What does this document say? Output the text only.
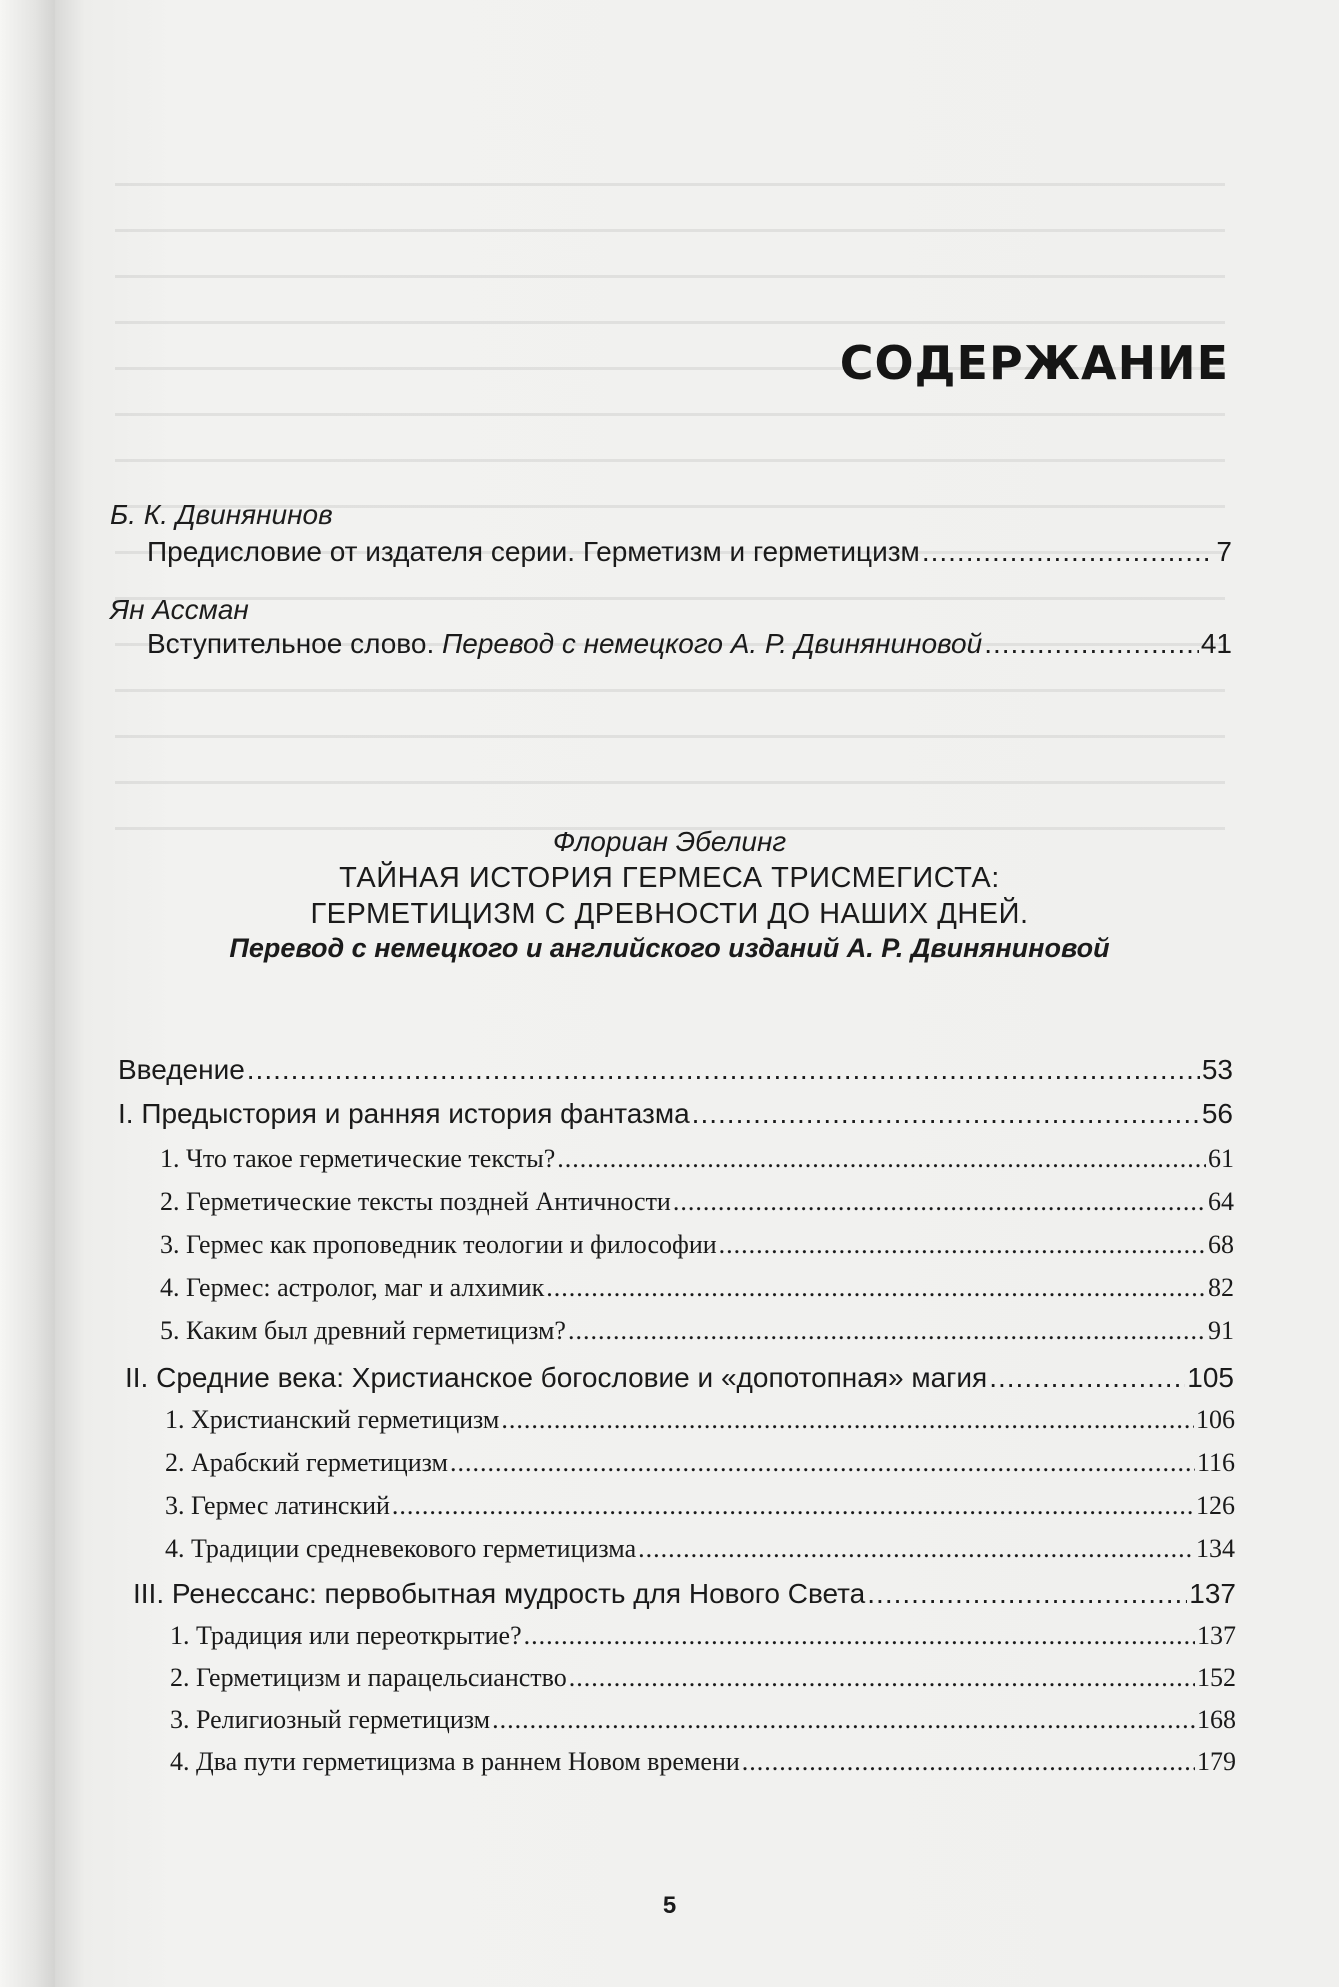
СОДЕРЖАНИЕ
Б. К. Двинянинов
Предисловие от издателя серии. Герметизм и герметицизм .....	7
Ян Ассман
Вступительное слово. Перевод с немецкого А. Р. Двиняниновой .....	41
Флориан Эбелинг
ТАЙНАЯ ИСТОРИЯ ГЕРМЕСА ТРИСМЕГИСТА:
ГЕРМЕТИЦИЗМ С ДРЕВНОСТИ ДО НАШИХ ДНЕЙ.
Перевод с немецкого и английского изданий А. Р. Двиняниновой
Введение .....	53
I. Предыстория и ранняя история фантазма .....	56
1. Что такое герметические тексты? .....	61
2. Герметические тексты поздней Античности .....	64
3. Гермес как проповедник теологии и философии .....	68
4. Гермес: астролог, маг и алхимик .....	82
5. Каким был древний герметицизм? .....	91
II. Средние века: Христианское богословие и «допотопная» магия .....	105
1. Христианский герметицизм .....	106
2. Арабский герметицизм .....	116
3. Гермес латинский .....	126
4. Традиции средневекового герметицизма .....	134
III. Ренессанс: первобытная мудрость для Нового Света .....	137
1. Традиция или переоткрытие? .....	137
2. Герметицизм и парацельсианство .....	152
3. Религиозный герметицизм .....	168
4. Два пути герметицизма в раннем Новом времени .....	179
5
